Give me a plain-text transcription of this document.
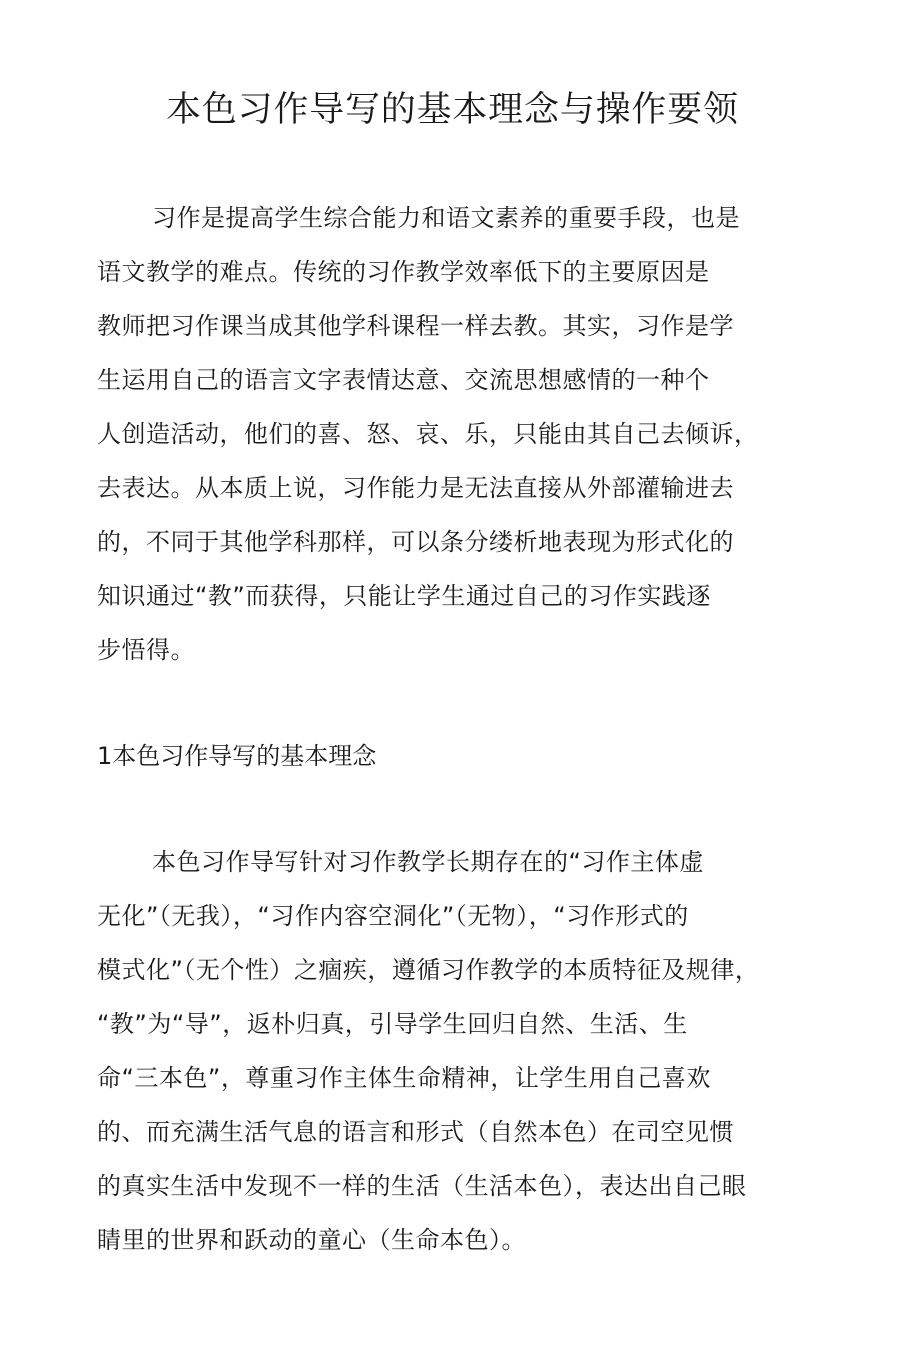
本色习作导写的基本理念与操作要领
习作是提高学生综合能力和语文素养的重要手段，也是
语文教学的难点。传统的习作教学效率低下的主要原因是
教师把习作课当成其他学科课程一样去教。其实，习作是学
生运用自己的语言文字表情达意、交流思想感情的一种个
人创造活动，他们的喜、怒、哀、乐，只能由其自己去倾诉，
去表达。从本质上说，习作能力是无法直接从外部灌输进去
的，不同于其他学科那样，可以条分缕析地表现为形式化的
知识通过“教”而获得，只能让学生通过自己的习作实践逐
步悟得。
1本色习作导写的基本理念
本色习作导写针对习作教学长期存在的“习作主体虚
无化”（无我），“习作内容空洞化”（无物），“习作形式的
模式化”（无个性）之痼疾，遵循习作教学的本质特征及规律，
“教”为“导”，返朴归真，引导学生回归自然、生活、生
命“三本色”，尊重习作主体生命精神，让学生用自己喜欢
的、而充满生活气息的语言和形式（自然本色）在司空见惯
的真实生活中发现不一样的生活（生活本色），表达出自己眼
睛里的世界和跃动的童心（生命本色）。
